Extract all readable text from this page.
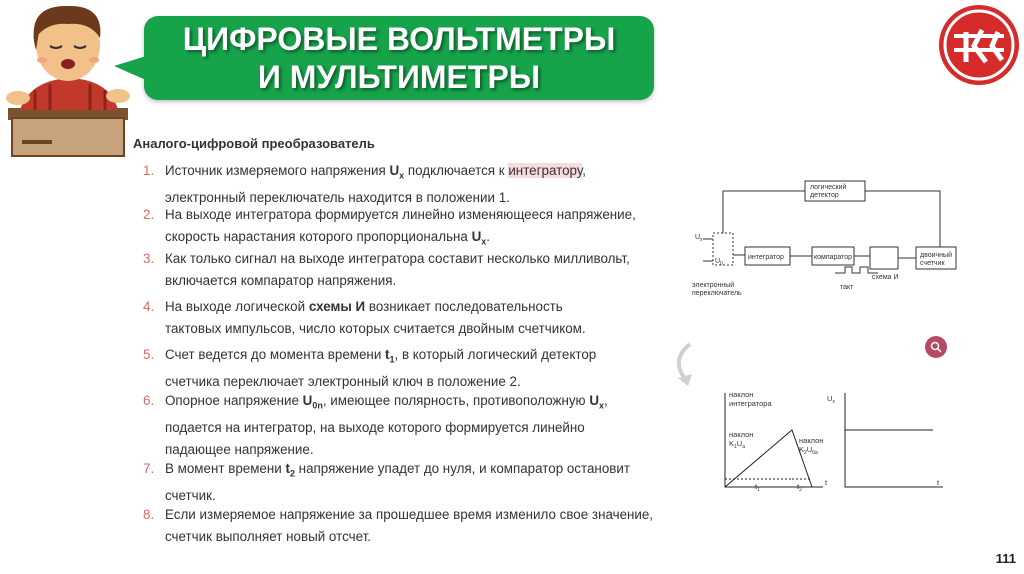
ЦИФРОВЫЕ ВОЛЬТМЕТРЫ
И МУЛЬТИМЕТРЫ
Аналого-цифровой преобразователь
1. Источник измеряемого напряжения $U_x$ подключается к интегратору,
электронный переключатель находится в положении 1.
2. На выходе интегратора формируется линейно изменяющееся напряжение,
скорость нарастания которого пропорциональна $U_x$.
3. Как только сигнал на выходе интегратора составит несколько милливольт,
включается компаратор напряжения.
4. На выходе логической схемы И возникает последовательность
тактовых импульсов, число которых считается двойным счетчиком.
5. Счет ведется до момента времени $t_1$, в который логический детектор
счетчика переключает электронный ключ в положение 2.
6. Опорное напряжение $U_{0n}$, имеющее полярность, противоположную $U_x$,
подается на интегратор, на выходе которого формируется линейно
падающее напряжение.
7. В момент времени $t_2$ напряжение упадет до нуля, и компаратор остановит
счетчик.
8. Если измеряемое напряжение за прошедшее время изменило свое значение,
счетчик выполняет новый отсчет.
логический
детектор
U x
U 0
интегратор	компаратор	двоичный
счетчик
схема И
такт
электронный
переключатель
наклон
интегратора
наклон
$K_1U_a$
наклон
$K_2U_{0a}$
$t_1$	$t_2$
t
$U_x$
t
111
